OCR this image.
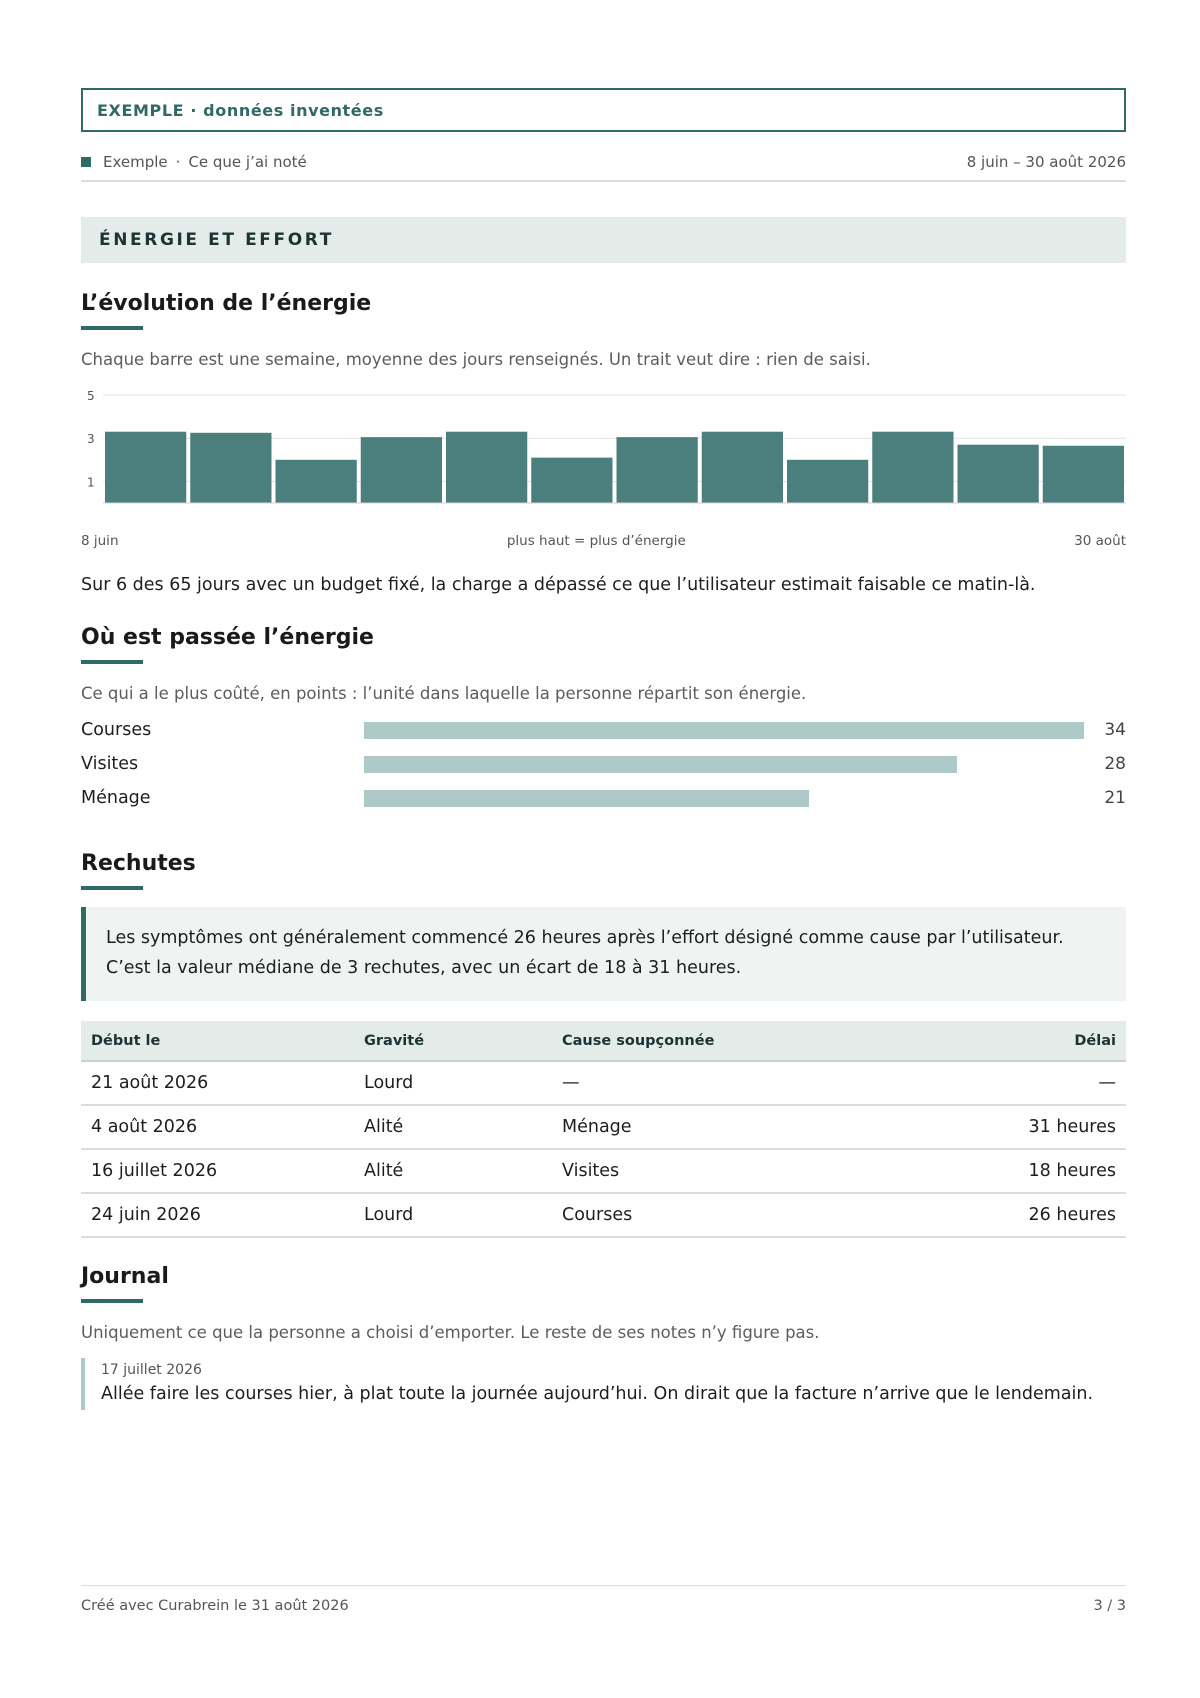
EXEMPLE · données inventées
Exemple · Ce que j’ai noté	8 juin – 30 août 2026
ÉNERGIE ET EFFORT
L’évolution de l’énergie

Chaque barre est une semaine, moyenne des jours renseignés. Un trait veut dire : rien de saisi.

1
3
5
8 juin	plus haut = plus d’énergie	30 août

Sur 6 des 65 jours avec un budget fixé, la charge a dépassé ce que l’utilisateur estimait faisable ce matin-là.

Où est passée l’énergie

Ce qui a le plus coûté, en points : l’unité dans laquelle la personne répartit son énergie.

Courses	34
Visites	28
Ménage	21
Rechutes
Les symptômes ont généralement commencé 26 heures après l’effort désigné comme cause par l’utilisateur.
C’est la valeur médiane de 3 rechutes, avec un écart de 18 à 31 heures.
Début le	Gravité	Cause soupçonnée	Délai
21 août 2026	Lourd	—	—
4 août 2026	Alité	Ménage	31 heures
16 juillet 2026	Alité	Visites	18 heures
24 juin 2026	Lourd	Courses	26 heures
Journal

Uniquement ce que la personne a choisi d’emporter. Le reste de ses notes n’y figure pas.

17 juillet 2026
Allée faire les courses hier, à plat toute la journée aujourd’hui. On dirait que la facture n’arrive que le lendemain.
Créé avec Curabrein le 31 août 2026	3 / 3
